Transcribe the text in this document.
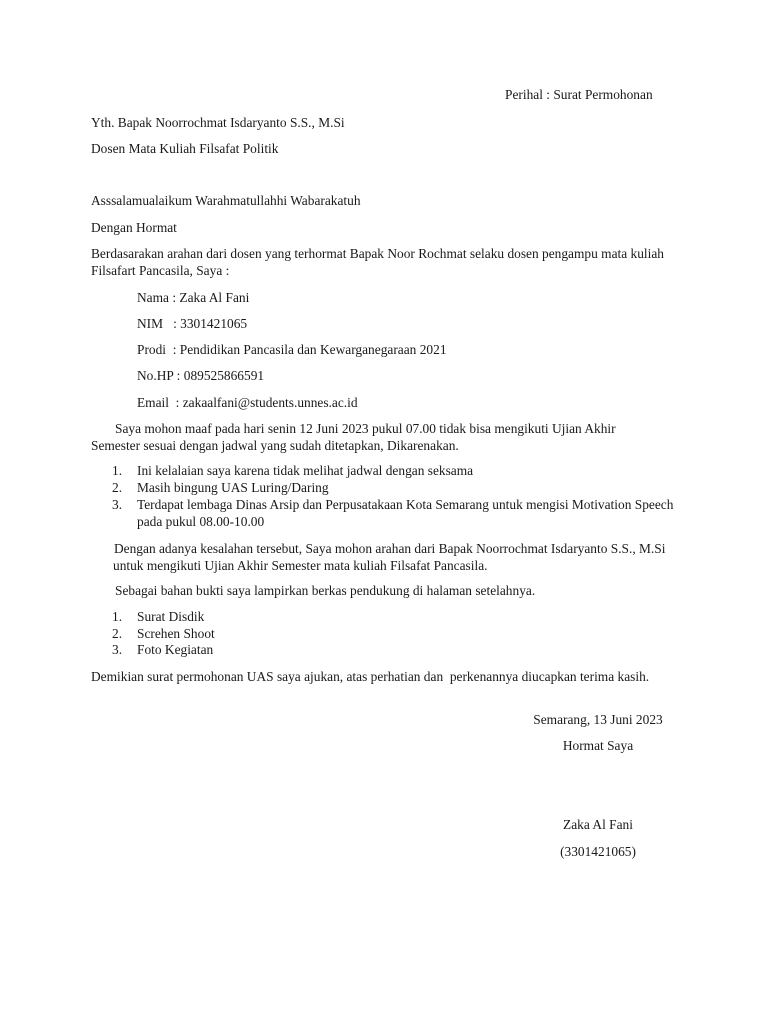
Perihal : Surat Permohonan
Yth. Bapak Noorrochmat Isdaryanto S.S., M.Si
Dosen Mata Kuliah Filsafat Politik
Asssalamualaikum Warahmatullahhi Wabarakatuh
Dengan Hormat
Berdasarakan arahan dari dosen yang terhormat Bapak Noor Rochmat selaku dosen pengampu mata kuliah Filsafart Pancasila, Saya :
Nama : Zaka Al Fani
NIM   : 3301421065
Prodi  : Pendidikan Pancasila dan Kewarganegaraan 2021
No.HP : 089525866591
Email  : zakaalfani@students.unnes.ac.id
Saya mohon maaf pada hari senin 12 Juni 2023 pukul 07.00 tidak bisa mengikuti Ujian Akhir Semester sesuai dengan jadwal yang sudah ditetapkan, Dikarenakan.
1. Ini kelalaian saya karena tidak melihat jadwal dengan seksama
2. Masih bingung UAS Luring/Daring
3. Terdapat lembaga Dinas Arsip dan Perpusatakaan Kota Semarang untuk mengisi Motivation Speech pada pukul 08.00-10.00
Dengan adanya kesalahan tersebut, Saya mohon arahan dari Bapak Noorrochmat Isdaryanto S.S., M.Si untuk mengikuti Ujian Akhir Semester mata kuliah Filsafat Pancasila.
Sebagai bahan bukti saya lampirkan berkas pendukung di halaman setelahnya.
1. Surat Disdik
2. Screhen Shoot
3. Foto Kegiatan
Demikian surat permohonan UAS saya ajukan, atas perhatian dan  perkenannya diucapkan terima kasih.
Semarang, 13 Juni 2023
Hormat Saya
Zaka Al Fani
(3301421065)
